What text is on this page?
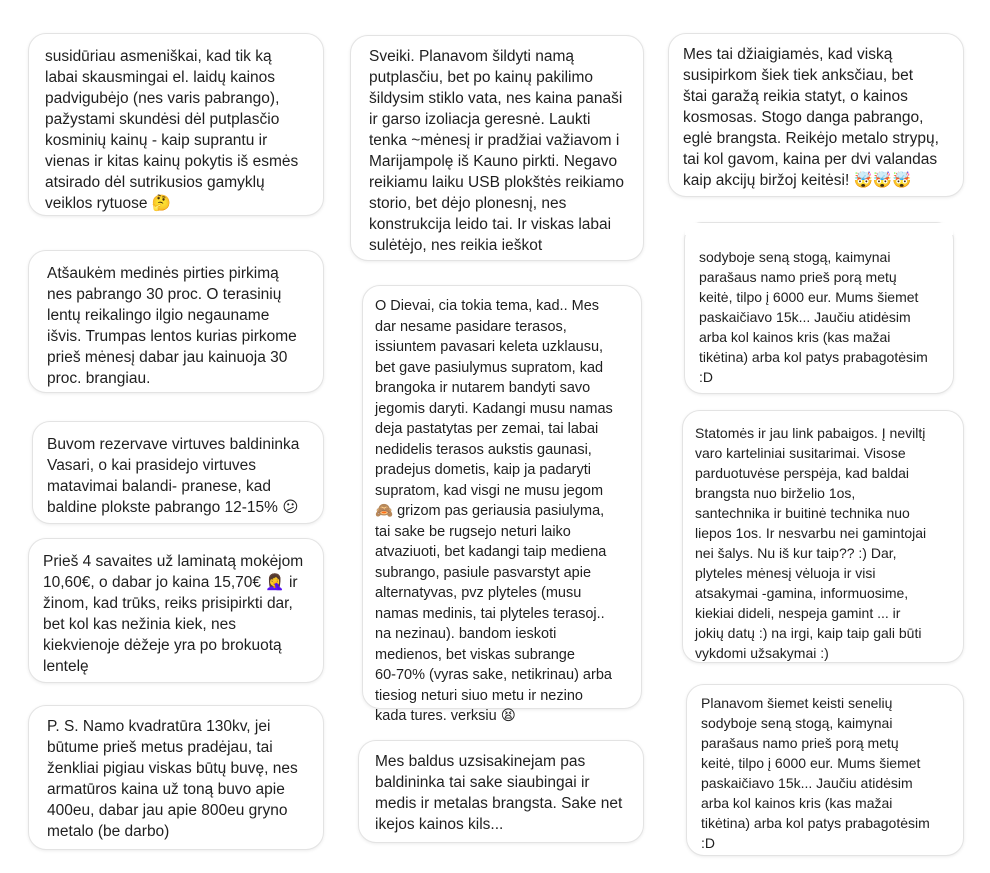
susidūriau asmeniškai, kad tik ką
labai skausmingai el. laidų kainos
padvigubėjo (nes varis pabrango),
pažystami skundėsi dėl putplasčio
kosminių kainų - kaip suprantu ir
vienas ir kitas kainų pokytis iš esmės
atsirado dėl sutrikusios gamyklų
veiklos rytuose 🤔

Atšaukėm medinės pirties pirkimą
nes pabrango 30 proc. O terasinių
lentų reikalingo ilgio negauname
išvis. Trumpas lentos kurias pirkome
prieš mėnesį dabar jau kainuoja 30
proc. brangiau.

Buvom rezervave virtuves baldininka
Vasari, o kai prasidejo virtuves
matavimai balandi- pranese, kad
baldine plokste pabrango 12-15% 😕

Prieš 4 savaites už laminatą mokėjom
10,60€, o dabar jo kaina 15,70€ 🤦‍♀️ ir
žinom, kad trūks, reiks prisipirkti dar,
bet kol kas nežinia kiek, nes
kiekvienoje dėžeje yra po brokuotą
lentelę

P. S. Namo kvadratūra 130kv, jei
būtume prieš metus pradėjau, tai
ženkliai pigiau viskas būtų buvę, nes
armatūros kaina už toną buvo apie
400eu, dabar jau apie 800eu gryno
metalo (be darbo)

Sveiki. Planavom šildyti namą
putplasčiu, bet po kainų pakilimo
šildysim stiklo vata, nes kaina panaši
ir garso izoliacja geresnė. Laukti
tenka ~mėnesį ir pradžiai važiavom i
Marijampolę iš Kauno pirkti. Negavo
reikiamu laiku USB plokštės reikiamo
storio, bet dėjo plonesnį, nes
konstrukcija leido tai. Ir viskas labai
sulėtėjo, nes reikia ieškot

O Dievai, cia tokia tema, kad.. Mes
dar nesame pasidare terasos,
issiuntem pavasari keleta uzklausu,
bet gave pasiulymus supratom, kad
brangoka ir nutarem bandyti savo
jegomis daryti. Kadangi musu namas
deja pastatytas per zemai, tai labai
nedidelis terasos aukstis gaunasi,
pradejus dometis, kaip ja padaryti
supratom, kad visgi ne musu jegom
🙈 grizom pas geriausia pasiulyma,
tai sake be rugsejo neturi laiko
atvaziuoti, bet kadangi taip mediena
subrango, pasiule pasvarstyt apie
alternatyvas, pvz plyteles (musu
namas medinis, tai plyteles terasoj..
na nezinau). bandom ieskoti
medienos, bet viskas subrange
60-70% (vyras sake, netikrinau) arba
tiesiog neturi siuo metu ir nezino
kada tures. verksiu 😫

Mes baldus uzsisakinejam pas
baldininka tai sake siaubingai ir
medis ir metalas brangsta. Sake net
ikejos kainos kils...

Mes tai džiaigiamės, kad viską
susipirkom šiek tiek anksčiau, bet
štai garažą reikia statyt, o kainos
kosmosas. Stogo danga pabrango,
eglė brangsta. Reikėjo metalo strypų,
tai kol gavom, kaina per dvi valandas
kaip akcijų biržoj keitėsi! 🤯🤯🤯

sodyboje seną stogą, kaimynai
parašaus namo prieš porą metų
keitė, tilpo į 6000 eur. Mums šiemet
paskaičiavo 15k... Jaučiu atidėsim
arba kol kainos kris (kas mažai
tikėtina) arba kol patys prabagotėsim
:D

Statomės ir jau link pabaigos. Į neviltį
varo karteliniai susitarimai. Visose
parduotuvėse perspėja, kad baldai
brangsta nuo birželio 1os,
santechnika ir buitinė technika nuo
liepos 1os. Ir nesvarbu nei gamintojai
nei šalys. Nu iš kur taip?? :) Dar,
plyteles mėnesį vėluoja ir visi
atsakymai -gamina, informuosime,
kiekiai dideli, nespeja gamint ... ir
jokių datų :) na irgi, kaip taip gali būti
vykdomi užsakymai :)

Planavom šiemet keisti senelių
sodyboje seną stogą, kaimynai
parašaus namo prieš porą metų
keitė, tilpo į 6000 eur. Mums šiemet
paskaičiavo 15k... Jaučiu atidėsim
arba kol kainos kris (kas mažai
tikėtina) arba kol patys prabagotėsim
:D
